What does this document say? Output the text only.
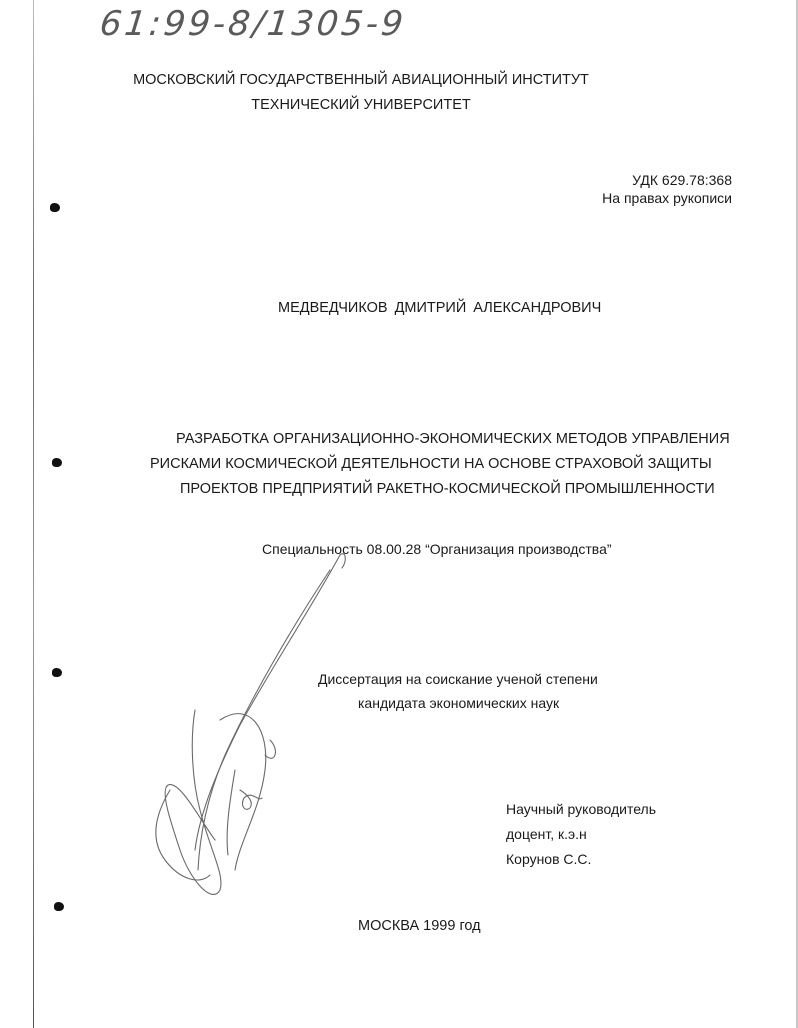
61:99-8/1305-9
МОСКОВСКИЙ ГОСУДАРСТВЕННЫЙ АВИАЦИОННЫЙ ИНСТИТУТ
ТЕХНИЧЕСКИЙ УНИВЕРСИТЕТ
УДК 629.78:368
На правах рукописи
МЕДВЕДЧИКОВ ДМИТРИЙ АЛЕКСАНДРОВИЧ
РАЗРАБОТКА ОРГАНИЗАЦИОННО-ЭКОНОМИЧЕСКИХ МЕТОДОВ УПРАВЛЕНИЯ
РИСКАМИ КОСМИЧЕСКОЙ ДЕЯТЕЛЬНОСТИ НА ОСНОВЕ СТРАХОВОЙ ЗАЩИТЫ
ПРОЕКТОВ ПРЕДПРИЯТИЙ РАКЕТНО-КОСМИЧЕСКОЙ ПРОМЫШЛЕННОСТИ
Специальность 08.00.28 “Организация производства”
Диссертация на соискание ученой степени
кандидата экономических наук
Научный руководитель
доцент, к.э.н
Корунов С.С.
МОСКВА 1999 год
